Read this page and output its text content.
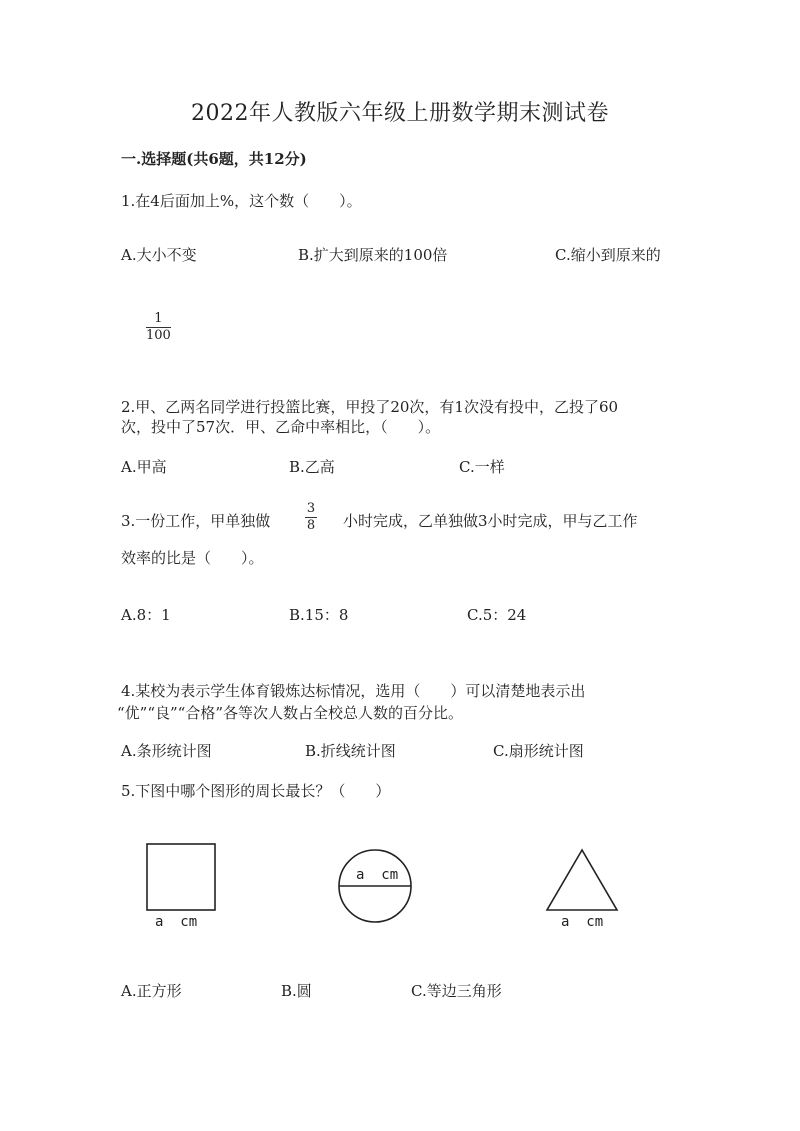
2022年人教版六年级上册数学期末测试卷
一.选择题(共6题，共12分)
1.在4后面加上%，这个数（　　）。
A.大小不变	B.扩大到原来的100倍	C.缩小到原来的
1
100
2.甲、乙两名同学进行投篮比赛，甲投了20次，有1次没有投中，乙投了60
次，投中了57次．甲、乙命中率相比，（　　）。
A.甲高	B.乙高	C.一样
3.一份工作，甲单独做
3
8 小时完成，乙单独做3小时完成，甲与乙工作
效率的比是（　　）。
A.8：1	B.15：8	C.5：24
4.某校为表示学生体育锻炼达标情况，选用（　　）可以清楚地表示出
“优”“良”“合格”各等次人数占全校总人数的百分比。
A.条形统计图	B.折线统计图	C.扇形统计图
5.下图中哪个图形的周长最长？（　　）
a  cm
a  cm
a  cm
A.正方形	B.圆	C.等边三角形
